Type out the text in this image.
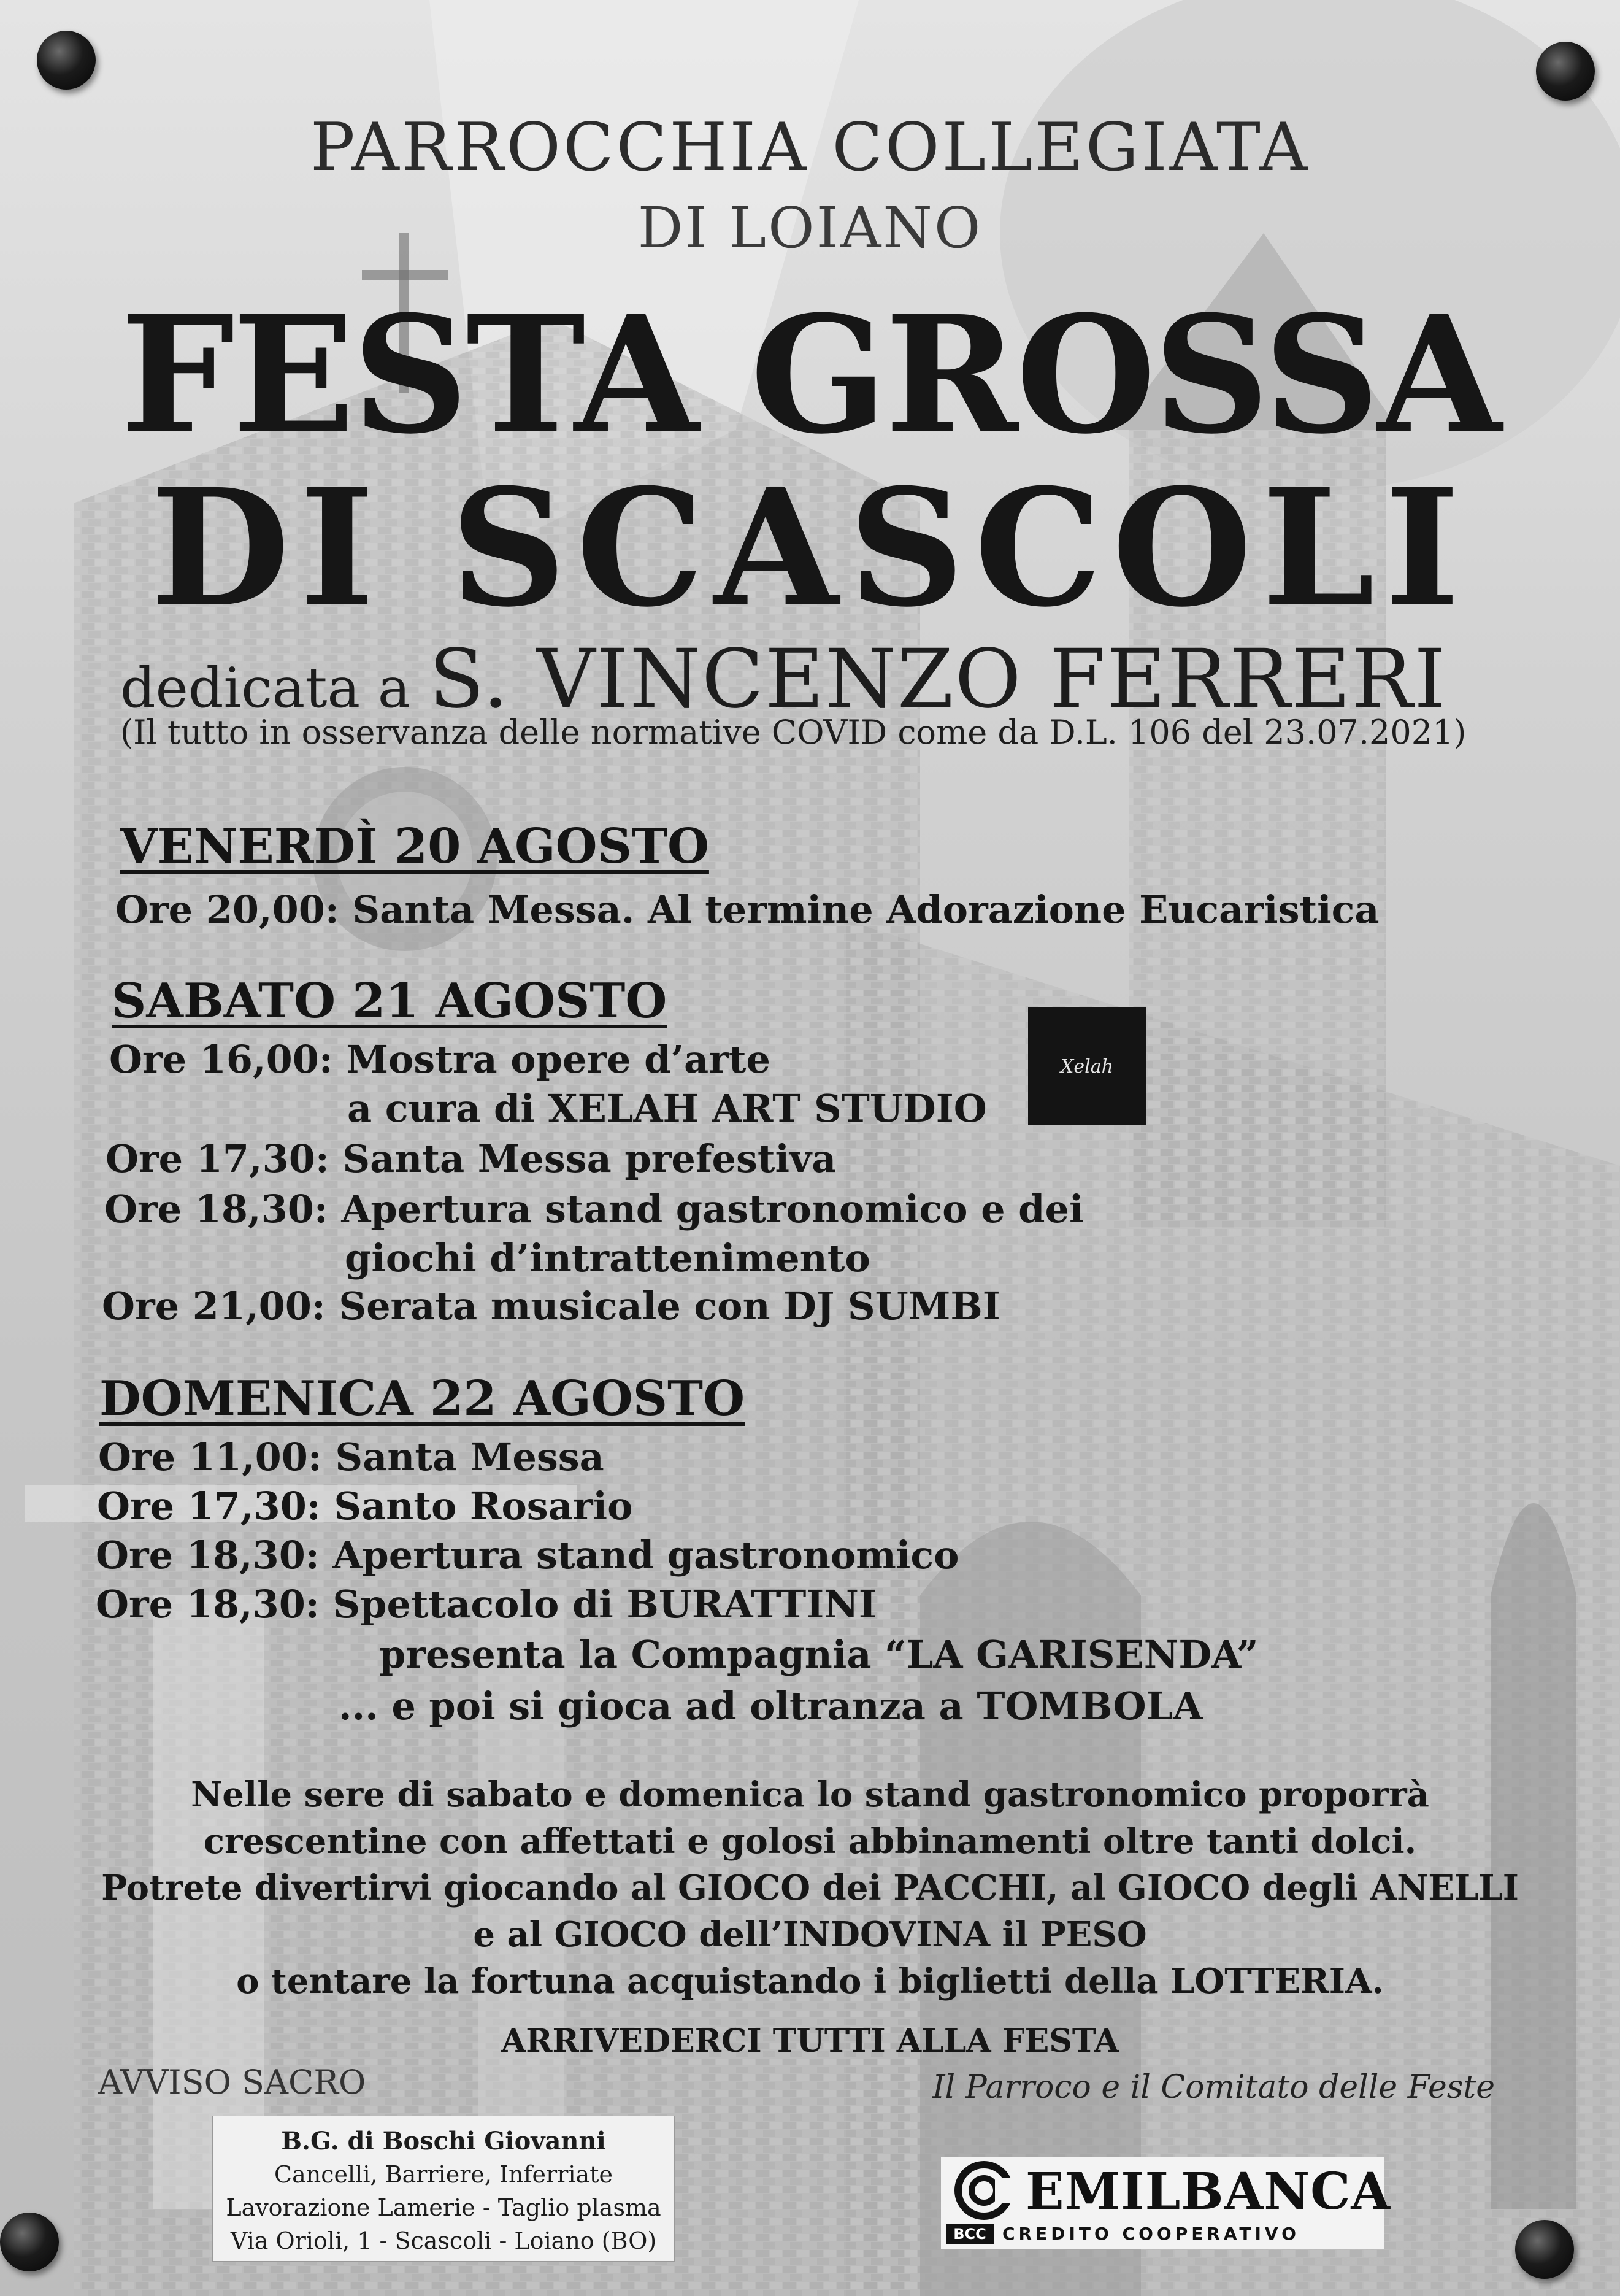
PARROCCHIA COLLEGIATA
DI LOIANO
FESTA GROSSA
DI SCASCOLI
dedicata a S. VINCENZO FERRERI
(Il tutto in osservanza delle normative COVID come da D.L. 106 del 23.07.2021)
VENERDÌ 20 AGOSTO
Ore 20,00: Santa Messa. Al termine Adorazione Eucaristica
SABATO 21 AGOSTO
Ore 16,00: Mostra opere d’arte
a cura di XELAH ART STUDIO
Ore 17,30: Santa Messa prefestiva
Ore 18,30: Apertura stand gastronomico e dei
giochi d’intrattenimento
Ore 21,00: Serata musicale con DJ SUMBI
Xelah
DOMENICA 22 AGOSTO
Ore 11,00: Santa Messa
Ore 17,30: Santo Rosario
Ore 18,30: Apertura stand gastronomico
Ore 18,30: Spettacolo di BURATTINI
presenta la Compagnia “LA GARISENDA”
... e poi si gioca ad oltranza a TOMBOLA
Nelle sere di sabato e domenica lo stand gastronomico proporrà
crescentine con affettati e golosi abbinamenti oltre tanti dolci.
Potrete divertirvi giocando al GIOCO dei PACCHI, al GIOCO degli ANELLI
e al GIOCO dell’INDOVINA il PESO
o tentare la fortuna acquistando i biglietti della LOTTERIA.
ARRIVEDERCI TUTTI ALLA FESTA
AVVISO SACRO	Il Parroco e il Comitato delle Feste
B.G. di Boschi Giovanni
Cancelli, Barriere, Inferriate
Lavorazione Lamerie - Taglio plasma
Via Orioli, 1 - Scascoli - Loiano (BO)
EMILBANCA
BCC CREDITO COOPERATIVO
